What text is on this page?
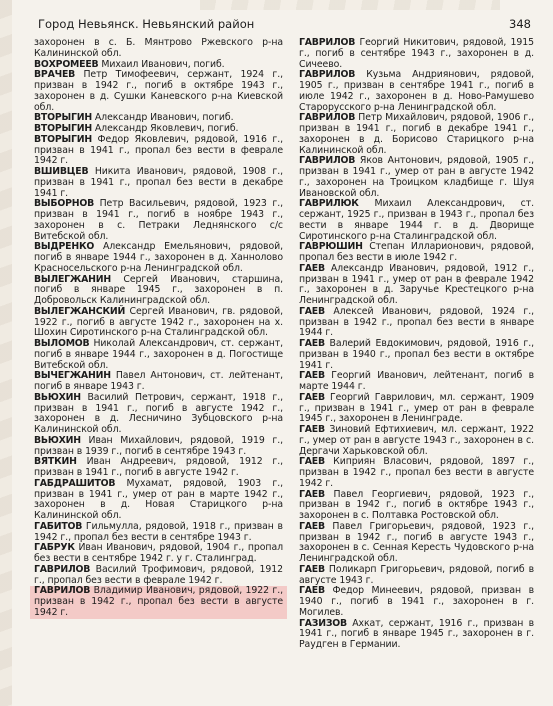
Город Невьянск. Невьянский район	348
захоронен в с. Б. Мянтрово Ржевского р-на Калининской обл.
ВОХРОМЕЕВ Михаил Иванович, погиб.
ВРАЧЕВ Петр Тимофеевич, сержант, 1924 г., призван в 1942 г., погиб в октябре 1943 г., захоронен в д. Сушки Каневского р-на Киевской обл.
ВТОРЫГИН Александр Иванович, погиб.
ВТОРЫГИН Александр Яковлевич, погиб.
ВТОРЫГИН Федор Яковлевич, рядовой, 1916 г., призван в 1941 г., пропал без вести в феврале 1942 г.
ВШИВЦЕВ Никита Иванович, рядовой, 1908 г., призван в 1941 г., пропал без вести в декабре 1941 г.
ВЫБОРНОВ Петр Васильевич, рядовой, 1923 г., призван в 1941 г., погиб в ноябре 1943 г., захоронен в с. Петраки Леднянского с/с Витебской обл.
ВЫДРЕНКО Александр Емельянович, рядовой, погиб в январе 1944 г., захоронен в д. Ханнолово Красносельского р-на Ленинградской обл.
ВЫЛЕГЖАНИН Сергей Иванович, старшина, погиб в январе 1945 г., захоронен в п. Добровольск Калининградской обл.
ВЫЛЕГЖАНСКИЙ Сергей Иванович, гв. рядовой, 1922 г., погиб в августе 1942 г., захоронен на х. Шохин Сиротинского р-на Сталинградской обл.
ВЫЛОМОВ Николай Александрович, ст. сержант, погиб в январе 1944 г., захоронен в д. Погостище Витебской обл.
ВЫЧЕГЖАНИН Павел Антонович, ст. лейтенант, погиб в январе 1943 г.
ВЬЮХИН Василий Петрович, сержант, 1918 г., призван в 1941 г., погиб в августе 1942 г., захоронен в д. Лесничино Зубцовского р-на Калининской обл.
ВЬЮХИН Иван Михайлович, рядовой, 1919 г., призван в 1939 г., погиб в сентябре 1943 г.
ВЯТКИН Иван Андреевич, рядовой, 1912 г., призван в 1941 г., погиб в августе 1942 г.
ГАБДРАШИТОВ Мухамат, рядовой, 1903 г., призван в 1941 г., умер от ран в марте 1942 г., захоронен в д. Новая Старицкого р-на Калининской обл.
ГАБИТОВ Гильмулла, рядовой, 1918 г., призван в 1942 г., пропал без вести в сентябре 1943 г.
ГАБРУК Иван Иванович, рядовой, 1904 г., пропал без вести в сентябре 1942 г. у г. Сталинград.
ГАВРИЛОВ Василий Трофимович, рядовой, 1912 г., пропал без вести в феврале 1942 г.
ГАВРИЛОВ Владимир Иванович, рядовой, 1922 г., призван в 1942 г., пропал без вести в августе 1942 г.
ГАВРИЛОВ Георгий Никитович, рядовой, 1915 г., погиб в сентябре 1943 г., захоронен в д. Сичеево.
ГАВРИЛОВ Кузьма Андриянович, рядовой, 1905 г., призван в сентябре 1941 г., погиб в июле 1942 г., захоронен в д. Ново-Рамушево Старорусского р-на Ленинградской обл.
ГАВРИЛОВ Петр Михайлович, рядовой, 1906 г., призван в 1941 г., погиб в декабре 1941 г., захоронен в д. Борисово Старицкого р-на Калининской обл.
ГАВРИЛОВ Яков Антонович, рядовой, 1905 г., призван в 1941 г., умер от ран в августе 1942 г., захоронен на Троицком кладбище г. Шуя Ивановской обл.
ГАВРИЛЮК Михаил Александрович, ст. сержант, 1925 г., призван в 1943 г., пропал без вести в январе 1944 г. в д. Дворище Сиротинского р-на Сталинградской обл.
ГАВРЮШИН Степан Илларионович, рядовой, пропал без вести в июле 1942 г.
ГАЕВ Александр Иванович, рядовой, 1912 г., призван в 1941 г., умер от ран в феврале 1942 г., захоронен в д. Заручье Крестецкого р-на Ленинградской обл.
ГАЕВ Алексей Иванович, рядовой, 1924 г., призван в 1942 г., пропал без вести в январе 1944 г.
ГАЕВ Валерий Евдокимович, рядовой, 1916 г., призван в 1940 г., пропал без вести в октябре 1941 г.
ГАЕВ Георгий Иванович, лейтенант, погиб в марте 1944 г.
ГАЕВ Георгий Гаврилович, мл. сержант, 1909 г., призван в 1941 г., умер от ран в феврале 1945 г., захоронен в Ленинграде.
ГАЕВ Зиновий Ефтихиевич, мл. сержант, 1922 г., умер от ран в августе 1943 г., захоронен в с. Дергачи Харьковской обл.
ГАЕВ Киприян Власович, рядовой, 1897 г., призван в 1942 г., пропал без вести в августе 1942 г.
ГАЕВ Павел Георгиевич, рядовой, 1923 г., призван в 1942 г., погиб в октябре 1943 г., захоронен в с. Полтавка Ростовской обл.
ГАЕВ Павел Григорьевич, рядовой, 1923 г., призван в 1942 г., погиб в августе 1943 г., захоронен в с. Сенная Кересть Чудовского р-на Ленинградской обл.
ГАЕВ Поликарп Григорьевич, рядовой, погиб в августе 1943 г.
ГАЕВ Федор Минеевич, рядовой, призван в 1940 г., погиб в 1941 г., захоронен в г. Могилев.
ГАЗИЗОВ Ахкат, сержант, 1916 г., призван в 1941 г., погиб в январе 1945 г., захоронен в г. Раудген в Германии.
